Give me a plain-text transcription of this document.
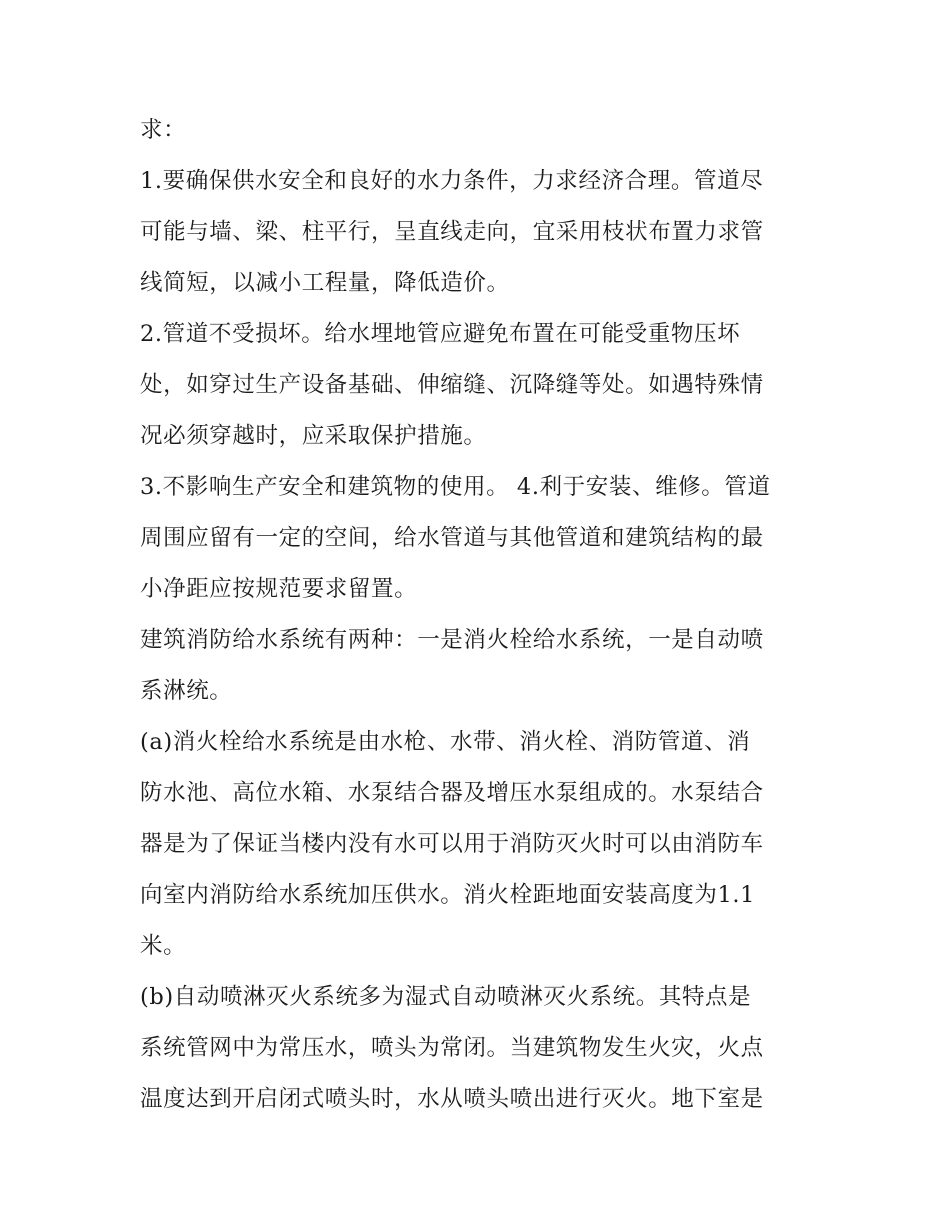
求：
1.要确保供水安全和良好的水力条件，力求经济合理。管道尽
可能与墙、梁、柱平行，呈直线走向，宜采用枝状布置力求管
线简短，以减小工程量，降低造价。
2.管道不受损坏。给水埋地管应避免布置在可能受重物压坏
处，如穿过生产设备基础、伸缩缝、沉降缝等处。如遇特殊情
况必须穿越时，应采取保护措施。
3.不影响生产安全和建筑物的使用。 4.利于安装、维修。管道
周围应留有一定的空间，给水管道与其他管道和建筑结构的最
小净距应按规范要求留置。
建筑消防给水系统有两种：一是消火栓给水系统，一是自动喷
系淋统。
(a)消火栓给水系统是由水枪、水带、消火栓、消防管道、消
防水池、高位水箱、水泵结合器及增压水泵组成的。水泵结合
器是为了保证当楼内没有水可以用于消防灭火时可以由消防车
向室内消防给水系统加压供水。消火栓距地面安装高度为1.1
米。
(b)自动喷淋灭火系统多为湿式自动喷淋灭火系统。其特点是
系统管网中为常压水，喷头为常闭。当建筑物发生火灾，火点
温度达到开启闭式喷头时，水从喷头喷出进行灭火。地下室是
